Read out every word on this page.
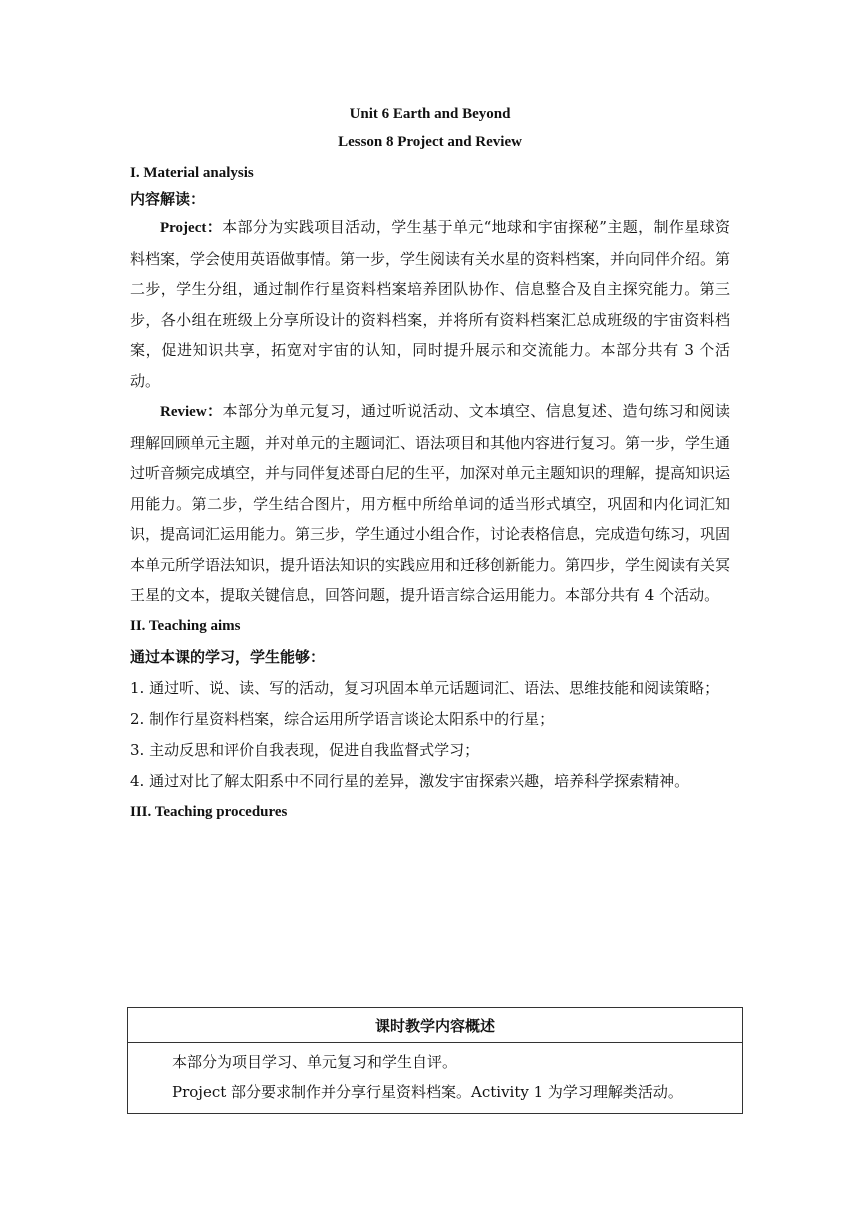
Unit 6 Earth and Beyond
Lesson 8 Project and Review

I. Material analysis

内容解读：

Project：本部分为实践项目活动，学生基于单元“地球和宇宙探秘”主题，制作星球资料档案，学会使用英语做事情。第一步，学生阅读有关水星的资料档案，并向同伴介绍。第二步，学生分组，通过制作行星资料档案培养团队协作、信息整合及自主探究能力。第三步，各小组在班级上分享所设计的资料档案，并将所有资料档案汇总成班级的宇宙资料档案，促进知识共享，拓宽对宇宙的认知，同时提升展示和交流能力。本部分共有 3 个活动。

Review：本部分为单元复习，通过听说活动、文本填空、信息复述、造句练习和阅读理解回顾单元主题，并对单元的主题词汇、语法项目和其他内容进行复习。第一步，学生通过听音频完成填空，并与同伴复述哥白尼的生平，加深对单元主题知识的理解，提高知识运用能力。第二步，学生结合图片，用方框中所给单词的适当形式填空，巩固和内化词汇知识，提高词汇运用能力。第三步，学生通过小组合作，讨论表格信息，完成造句练习，巩固本单元所学语法知识，提升语法知识的实践应用和迁移创新能力。第四步，学生阅读有关冥王星的文本，提取关键信息，回答问题，提升语言综合运用能力。本部分共有 4 个活动。

II. Teaching aims

通过本课的学习，学生能够：

1. 通过听、说、读、写的活动，复习巩固本单元话题词汇、语法、思维技能和阅读策略；

2. 制作行星资料档案，综合运用所学语言谈论太阳系中的行星；

3. 主动反思和评价自我表现，促进自我监督式学习；

4. 通过对比了解太阳系中不同行星的差异，激发宇宙探索兴趣，培养科学探索精神。

III. Teaching procedures

课时教学内容概述

本部分为项目学习、单元复习和学生自评。

Project 部分要求制作并分享行星资料档案。Activity 1 为学习理解类活动。
